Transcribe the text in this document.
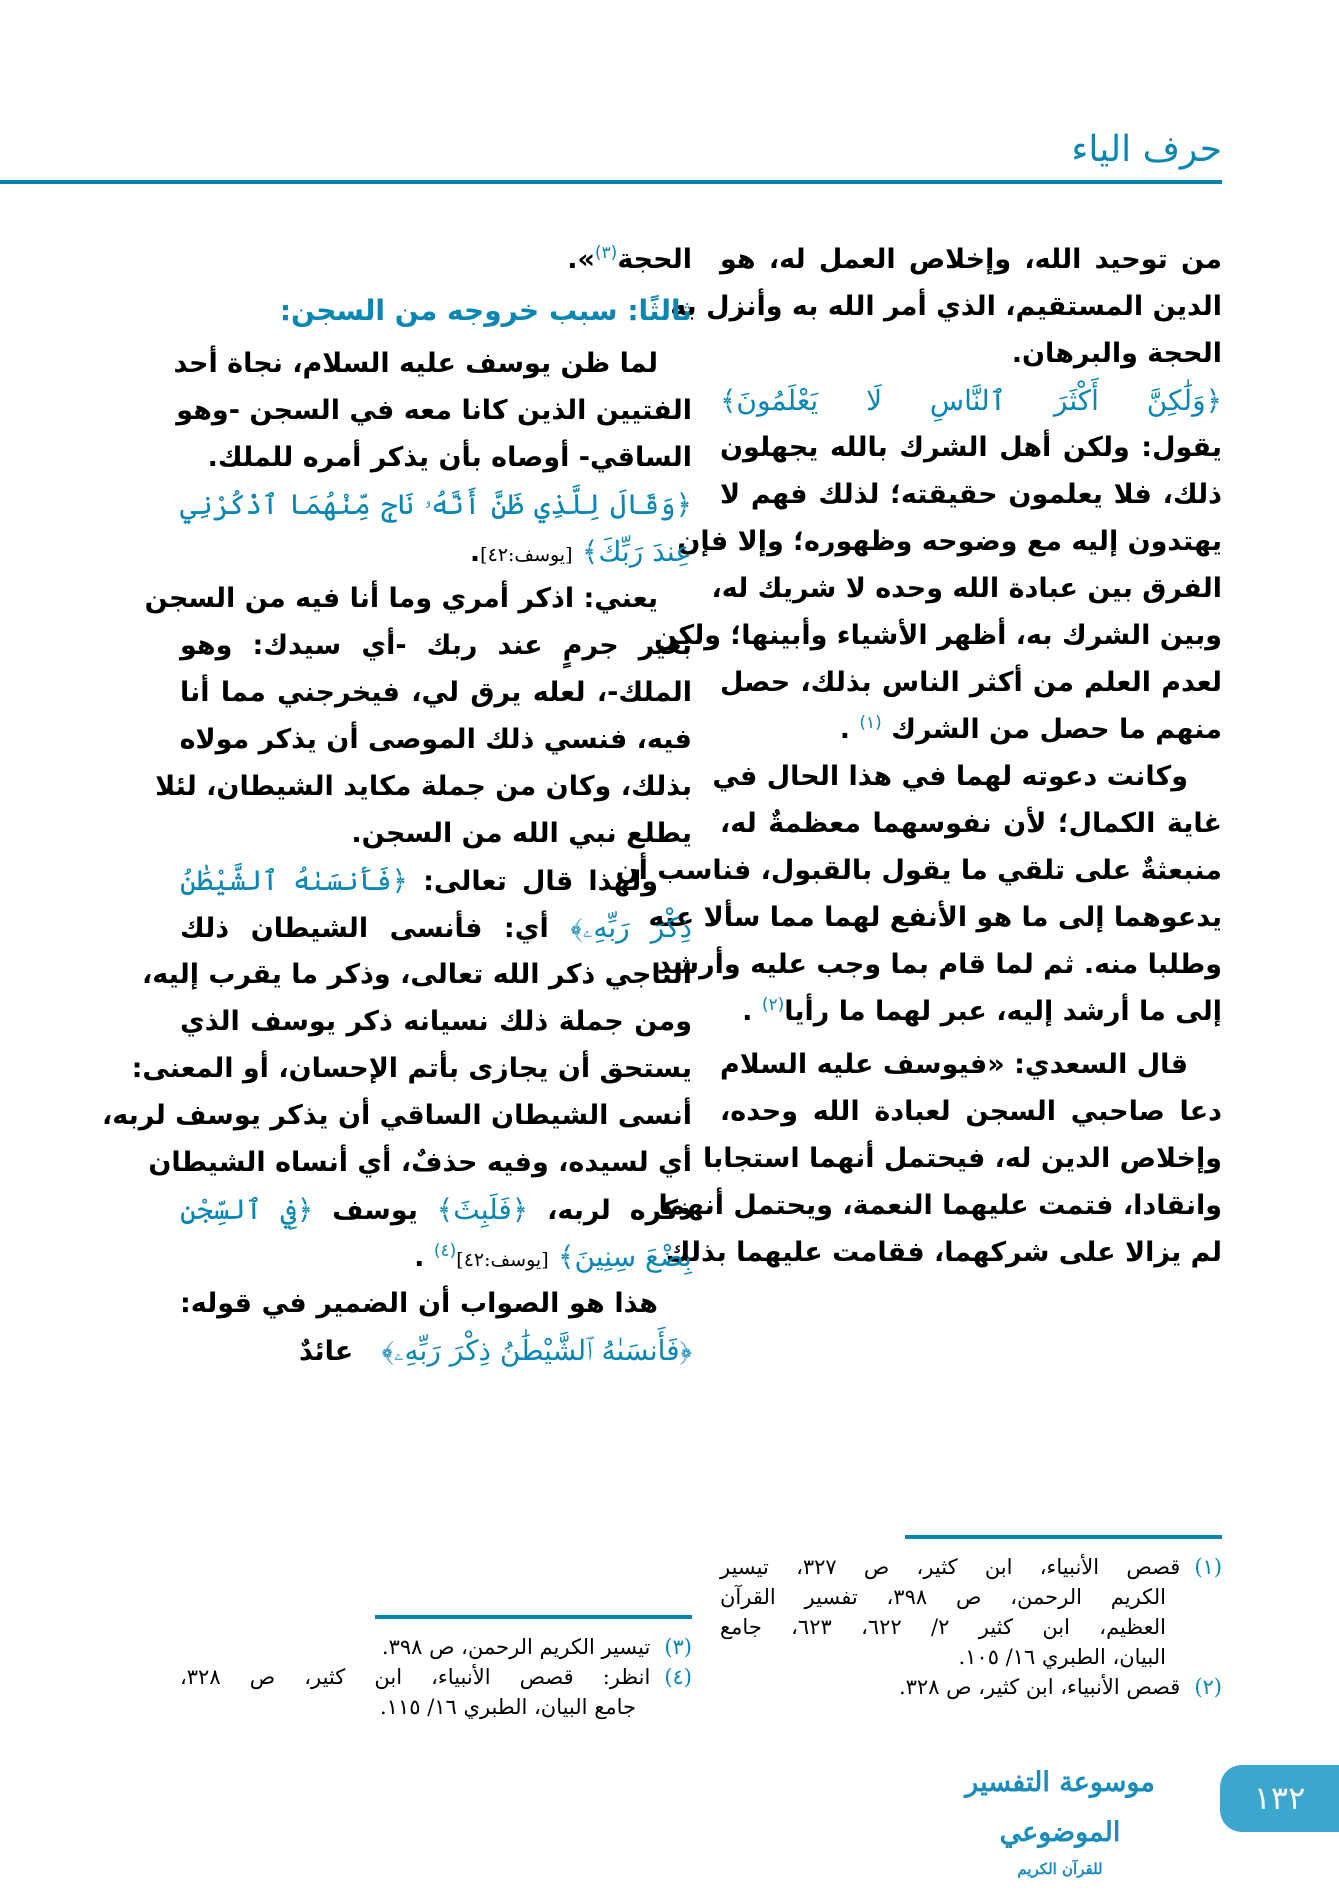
حرف الياء
من توحيد الله، وإخلاص العمل له، هو
الدين المستقيم، الذي أمر الله به وأنزل به
الحجة والبرهان.
﴿وَلَٰكِنَّ أَكْثَرَ ٱلنَّاسِ لَا يَعْلَمُونَ﴾
يقول: ولكن أهل الشرك بالله يجهلون
ذلك، فلا يعلمون حقيقته؛ لذلك فهم لا
يهتدون إليه مع وضوحه وظهوره؛ وإلا فإن
الفرق بين عبادة الله وحده لا شريك له،
وبين الشرك به، أظهر الأشياء وأبينها؛ ولكن
لعدم العلم من أكثر الناس بذلك، حصل
منهم ما حصل من الشرك $^{(١)}$ .
وكانت دعوته لهما في هذا الحال في
غاية الكمال؛ لأن نفوسهما معظمةٌ له،
منبعثةٌ على تلقي ما يقول بالقبول، فناسب أن
يدعوهما إلى ما هو الأنفع لهما مما سألا عنه
وطلبا منه. ثم لما قام بما وجب عليه وأرشد
إلى ما أرشد إليه، عبر لهما ما رأيا$^{(٢)}$ .
قال السعدي: «فيوسف عليه السلام
دعا صاحبي السجن لعبادة الله وحده،
وإخلاص الدين له، فيحتمل أنهما استجابا
وانقادا، فتمت عليهما النعمة، ويحتمل أنهما
لم يزالا على شركهما، فقامت عليهما بذلك
الحجة$^{(٣)}$».
ثالثًا: سبب خروجه من السجن:
لما ظن يوسف عليه السلام، نجاة أحد
الفتيين الذين كانا معه في السجن -وهو
الساقي- أوصاه بأن يذكر أمره للملك.
﴿وَقَالَ لِلَّذِي ظَنَّ أَنَّهُۥ نَاجٖ مِّنْهُمَا ٱذْكُرْنِي
عِندَ رَبِّكَ﴾ [يوسف:٤٢].
يعني: اذكر أمري وما أنا فيه من السجن
بغير جرمٍ عند ربك -أي سيدك: وهو
الملك-، لعله يرق لي، فيخرجني مما أنا
فيه، فنسي ذلك الموصى أن يذكر مولاه
بذلك، وكان من جملة مكايد الشيطان، لئلا
يطلع نبي الله من السجن.
ولهذا قال تعالى: ﴿فَأَنسَىٰهُ ٱلشَّيْطَٰنُ
ذِكْرَ رَبِّهِۦ﴾ أي: فأنسى الشيطان ذلك
الناجي ذكر الله تعالى، وذكر ما يقرب إليه،
ومن جملة ذلك نسيانه ذكر يوسف الذي
يستحق أن يجازى بأتم الإحسان، أو المعنى:
أنسى الشيطان الساقي أن يذكر يوسف لربه،
أي لسيده، وفيه حذفٌ، أي أنساه الشيطان
ذكره لربه، ﴿فَلَبِثَ﴾ يوسف ﴿فِي ٱلسِّجْنِ
بِضْعَ سِنِينَ﴾ [يوسف:٤٢]$^{(٤)}$ .
هذا هو الصواب أن الضمير في قوله:
﴿فَأَنسَىٰهُ ٱلشَّيْطَٰنُ ذِكْرَ رَبِّهِۦ﴾   عائدٌ
(١)قصص الأنبياء، ابن كثير، ص ٣٢٧، تيسير
الكريم الرحمن، ص ٣٩٨، تفسير القرآن
العظيم، ابن كثير ٢/ ٦٢٢، ٦٢٣، جامع
البيان، الطبري ١٦/ ١٠٥.
(٢)قصص الأنبياء، ابن كثير، ص ٣٢٨.
(٣)تيسير الكريم الرحمن، ص ٣٩٨.
(٤)انظر: قصص الأنبياء، ابن كثير، ص ٣٢٨،
جامع البيان، الطبري ١٦/ ١١٥.
موسوعة التفسير الموضوعي
للقرآن الكريم
١٣٢
